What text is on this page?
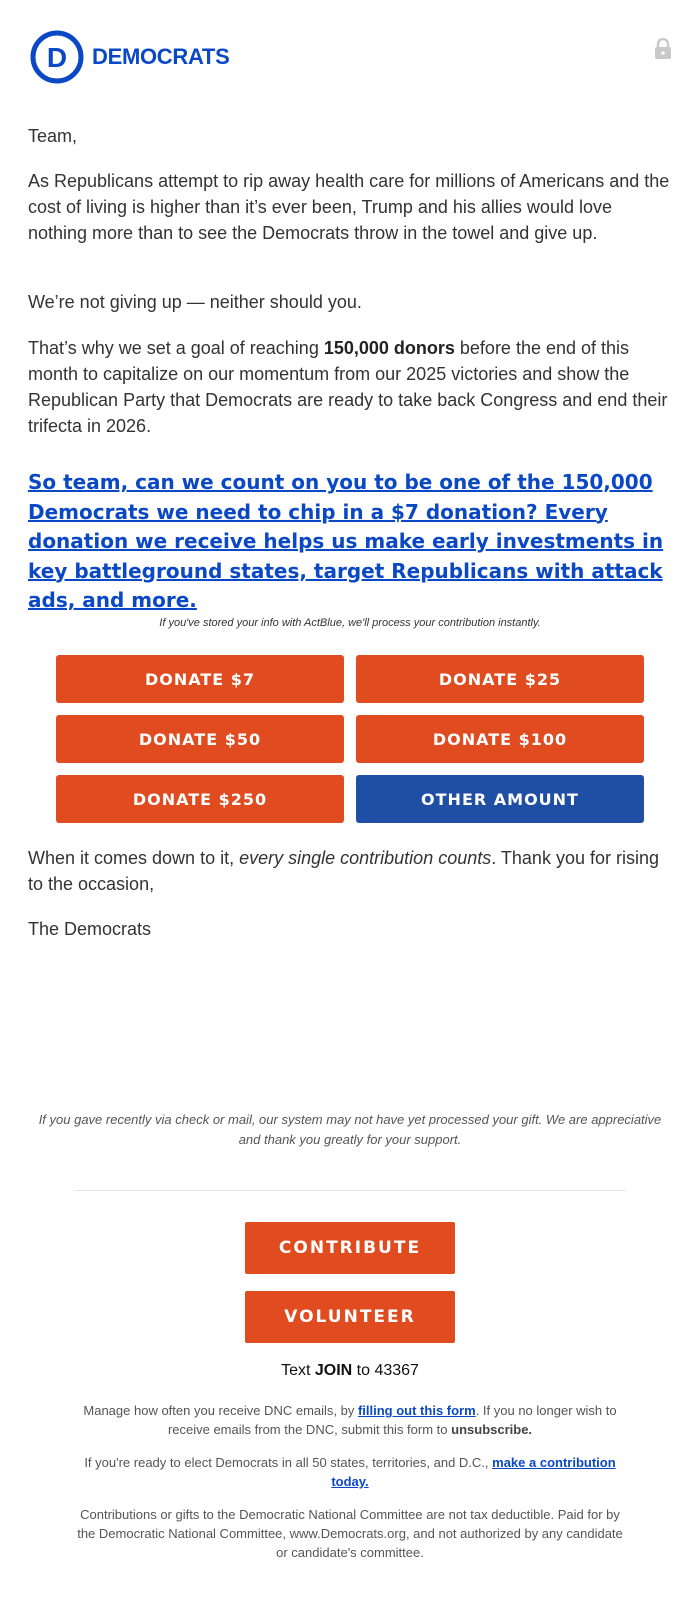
D DEMOCRATS

Team,

As Republicans attempt to rip away health care for millions of Americans and the cost of living is higher than it’s ever been, Trump and his allies would love nothing more than to see the Democrats throw in the towel and give up.

We’re not giving up — neither should you.

That’s why we set a goal of reaching 150,000 donors before the end of this month to capitalize on our momentum from our 2025 victories and show the Republican Party that Democrats are ready to take back Congress and end their trifecta in 2026.

So team, can we count on you to be one of the 150,000 Democrats we need to chip in a $7 donation? Every donation we receive helps us make early investments in key battleground states, target Republicans with attack ads, and more.
If you've stored your info with ActBlue, we'll process your contribution instantly.
DONATE $7	DONATE $25
DONATE $50	DONATE $100
DONATE $250	OTHER AMOUNT

When it comes down to it, every single contribution counts. Thank you for rising to the occasion,

The Democrats

If you gave recently via check or mail, our system may not have yet processed your gift. We are appreciative and thank you greatly for your support.
CONTRIBUTE
VOLUNTEER
Text JOIN to 43367
Manage how often you receive DNC emails, by filling out this form. If you no longer wish to receive emails from the DNC, submit this form to unsubscribe.
If you're ready to elect Democrats in all 50 states, territories, and D.C., make a contribution today.
Contributions or gifts to the Democratic National Committee are not tax deductible. Paid for by the Democratic National Committee, www.Democrats.org, and not authorized by any candidate or candidate's committee.
